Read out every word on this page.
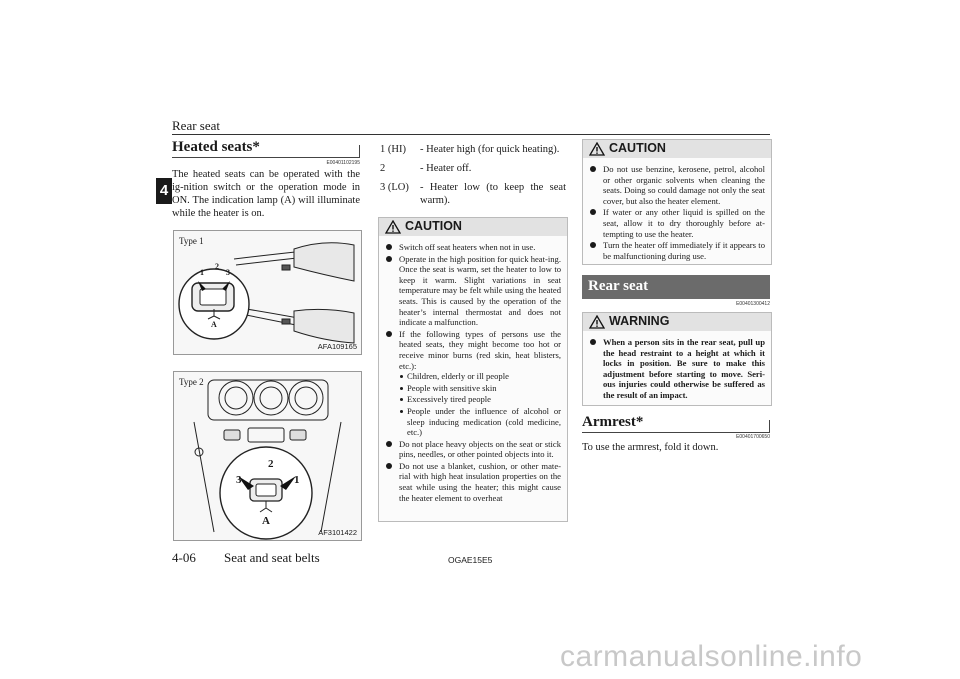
Rear seat
4
Heated seats*
E00401102195
The heated seats can be operated with the ig-nition switch or the operation mode in ON. The indication lamp (A) will illuminate while the heater is on.
Type 1
1
2
3
A
AFA109165
Type 2
3
2
1
A
AF3101422
1 (HI) - Heater high (for quick heating).
2	- Heater off.
3 (LO) - Heater low (to keep the seat warm).
CAUTION
Switch off seat heaters when not in use.
Operate in the high position for quick heat-ing. Once the seat is warm, set the heater to low to keep it warm. Slight variations in seat temperature may be felt while using the heated seats. This is caused by the operation of the heater’s internal thermostat and does not indicate a malfunction.
If the following types of persons use the heated seats, they might become too hot or receive minor burns (red skin, heat blisters, etc.):
Children, elderly or ill people
People with sensitive skin
Excessively tired people
People under the influence of alcohol or sleep inducing medication (cold medicine, etc.)
Do not place heavy objects on the seat or stick pins, needles, or other pointed objects into it.
Do not use a blanket, cushion, or other mate-rial with high heat insulation properties on the seat while using the heater; this might cause the heater element to overheat
CAUTION
Do not use benzine, kerosene, petrol, alcohol or other organic solvents when cleaning the seats. Doing so could damage not only the seat cover, but also the heater element.
If water or any other liquid is spilled on the seat, allow it to dry thoroughly before at-tempting to use the heater.
Turn the heater off immediately if it appears to be malfunctioning during use.
Rear seat
E00401300412
WARNING
When a person sits in the rear seat, pull up the head restraint to a height at which it locks in position. Be sure to make this adjustment before starting to move. Seri-ous injuries could otherwise be suffered as the result of an impact.
Armrest*
E00401700650
To use the armrest, fold it down.
4-06 Seat and seat belts	OGAE15E5
carmanualsonline.info
